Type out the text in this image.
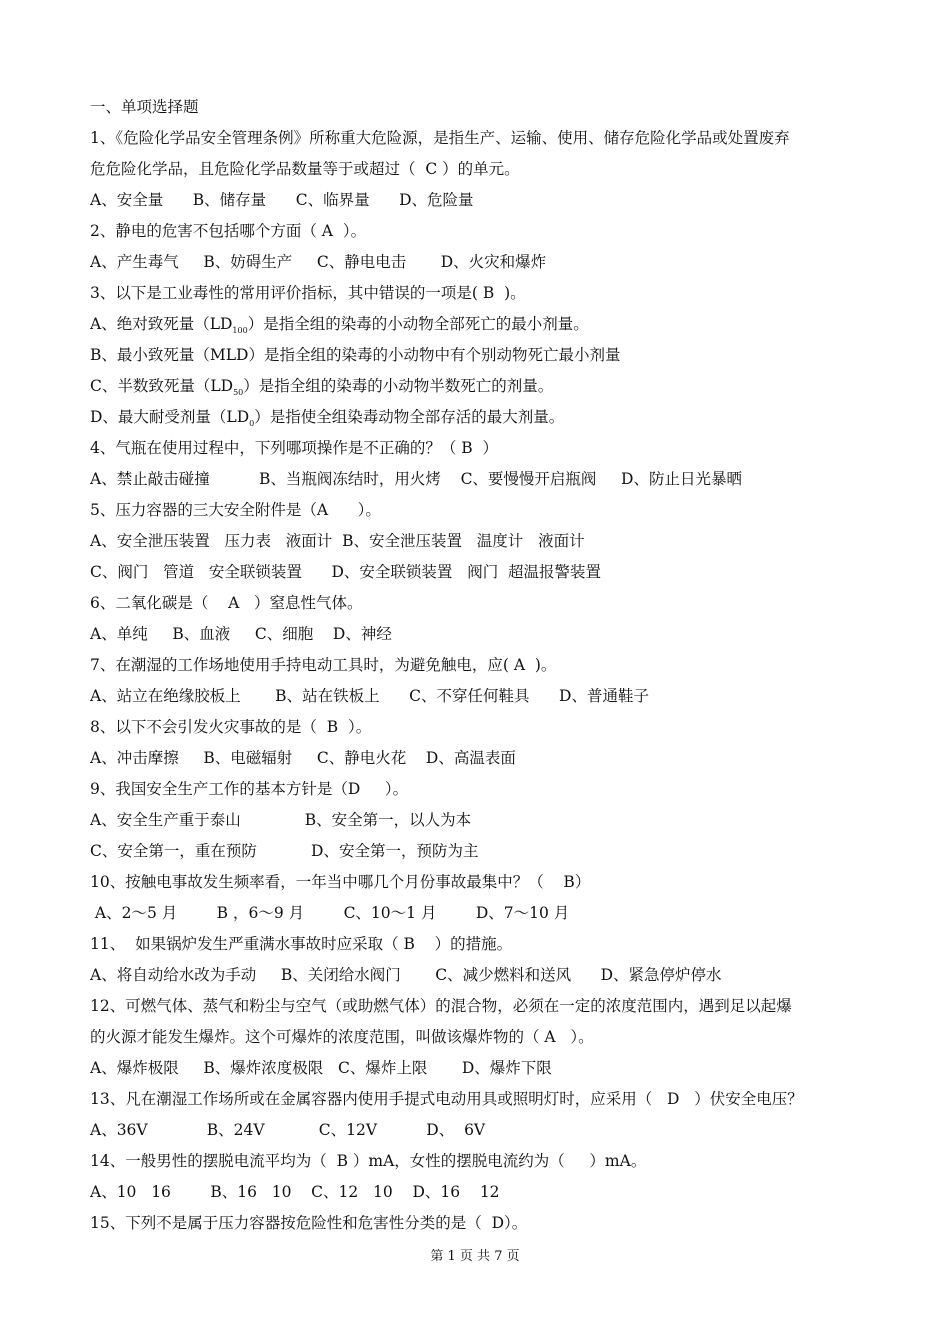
一、单项选择题
1、《危险化学品安全管理条例》所称重大危险源，是指生产、运输、使用、储存危险化学品或处置废弃
危危险化学品，且危险化学品数量等于或超过（  C ）的单元。
A、安全量      B、储存量      C、临界量      D、危险量
2、静电的危害不包括哪个方面（ A  ）。
A、产生毒气     B、妨碍生产     C、静电电击       D、火灾和爆炸
3、以下是工业毒性的常用评价指标，其中错误的一项是( B  )。
A、绝对致死量$(LD_{100})$是指全组的染毒的小动物全部死亡的最小剂量。
B、最小致死量（MLD）是指全组的染毒的小动物中有个别动物死亡最小剂量
C、半数致死量$(LD_{50})$是指全组的染毒的小动物半数死亡的剂量。
D、最大耐受剂量$(LD_0)$是指使全组染毒动物全部存活的最大剂量。
4、气瓶在使用过程中，下列哪项操作是不正确的？（ B  ）
A、禁止敲击碰撞          B、当瓶阀冻结时，用火烤    C、要慢慢开启瓶阀     D、防止日光暴晒
5、压力容器的三大安全附件是（A      ）。
A、安全泄压装置   压力表   液面计  B、安全泄压装置   温度计   液面计
C、阀门   管道   安全联锁装置      D、安全联锁装置   阀门  超温报警装置
6、二氧化碳是（    A   ）窒息性气体。
A、单纯     B、血液     C、细胞    D、神经
7、在潮湿的工作场地使用手持电动工具时，为避免触电，应( A  )。
A、站立在绝缘胶板上       B、站在铁板上      C、不穿任何鞋具      D、普通鞋子
8、以下不会引发火灾事故的是（  B  ）。
A、冲击摩擦     B、电磁辐射     C、静电火花    D、高温表面
9、我国安全生产工作的基本方针是（D     ）。
A、安全生产重于泰山             B、安全第一，以人为本
C、安全第一，重在预防           D、安全第一，预防为主
10、按触电事故发生频率看，一年当中哪几个月份事故最集中？（    B）
A、2～5 月        B ，6～9 月        C、10～1 月        D、7～10 月
11、  如果锅炉发生严重满水事故时应采取（ B    ）的措施。
A、将自动给水改为手动     B、关闭给水阀门       C、减少燃料和送风      D、紧急停炉停水
12、可燃气体、蒸气和粉尘与空气（或助燃气体）的混合物，必须在一定的浓度范围内，遇到足以起爆
的火源才能发生爆炸。这个可爆炸的浓度范围，叫做该爆炸物的（ A   ）。
A、爆炸极限     B、爆炸浓度极限   C、爆炸上限       D、爆炸下限
13、凡在潮湿工作场所或在金属容器内使用手提式电动用具或照明灯时，应采用（   D   ）伏安全电压？
A、36V            B、24V           C、12V          D、  6V
14、一般男性的摆脱电流平均为（  B ）mA，女性的摆脱电流约为（     ）mA。
A、10   16        B、16   10    C、12   10    D、16    12
15、下列不是属于压力容器按危险性和危害性分类的是（  D）。
第 1 页 共 7 页
